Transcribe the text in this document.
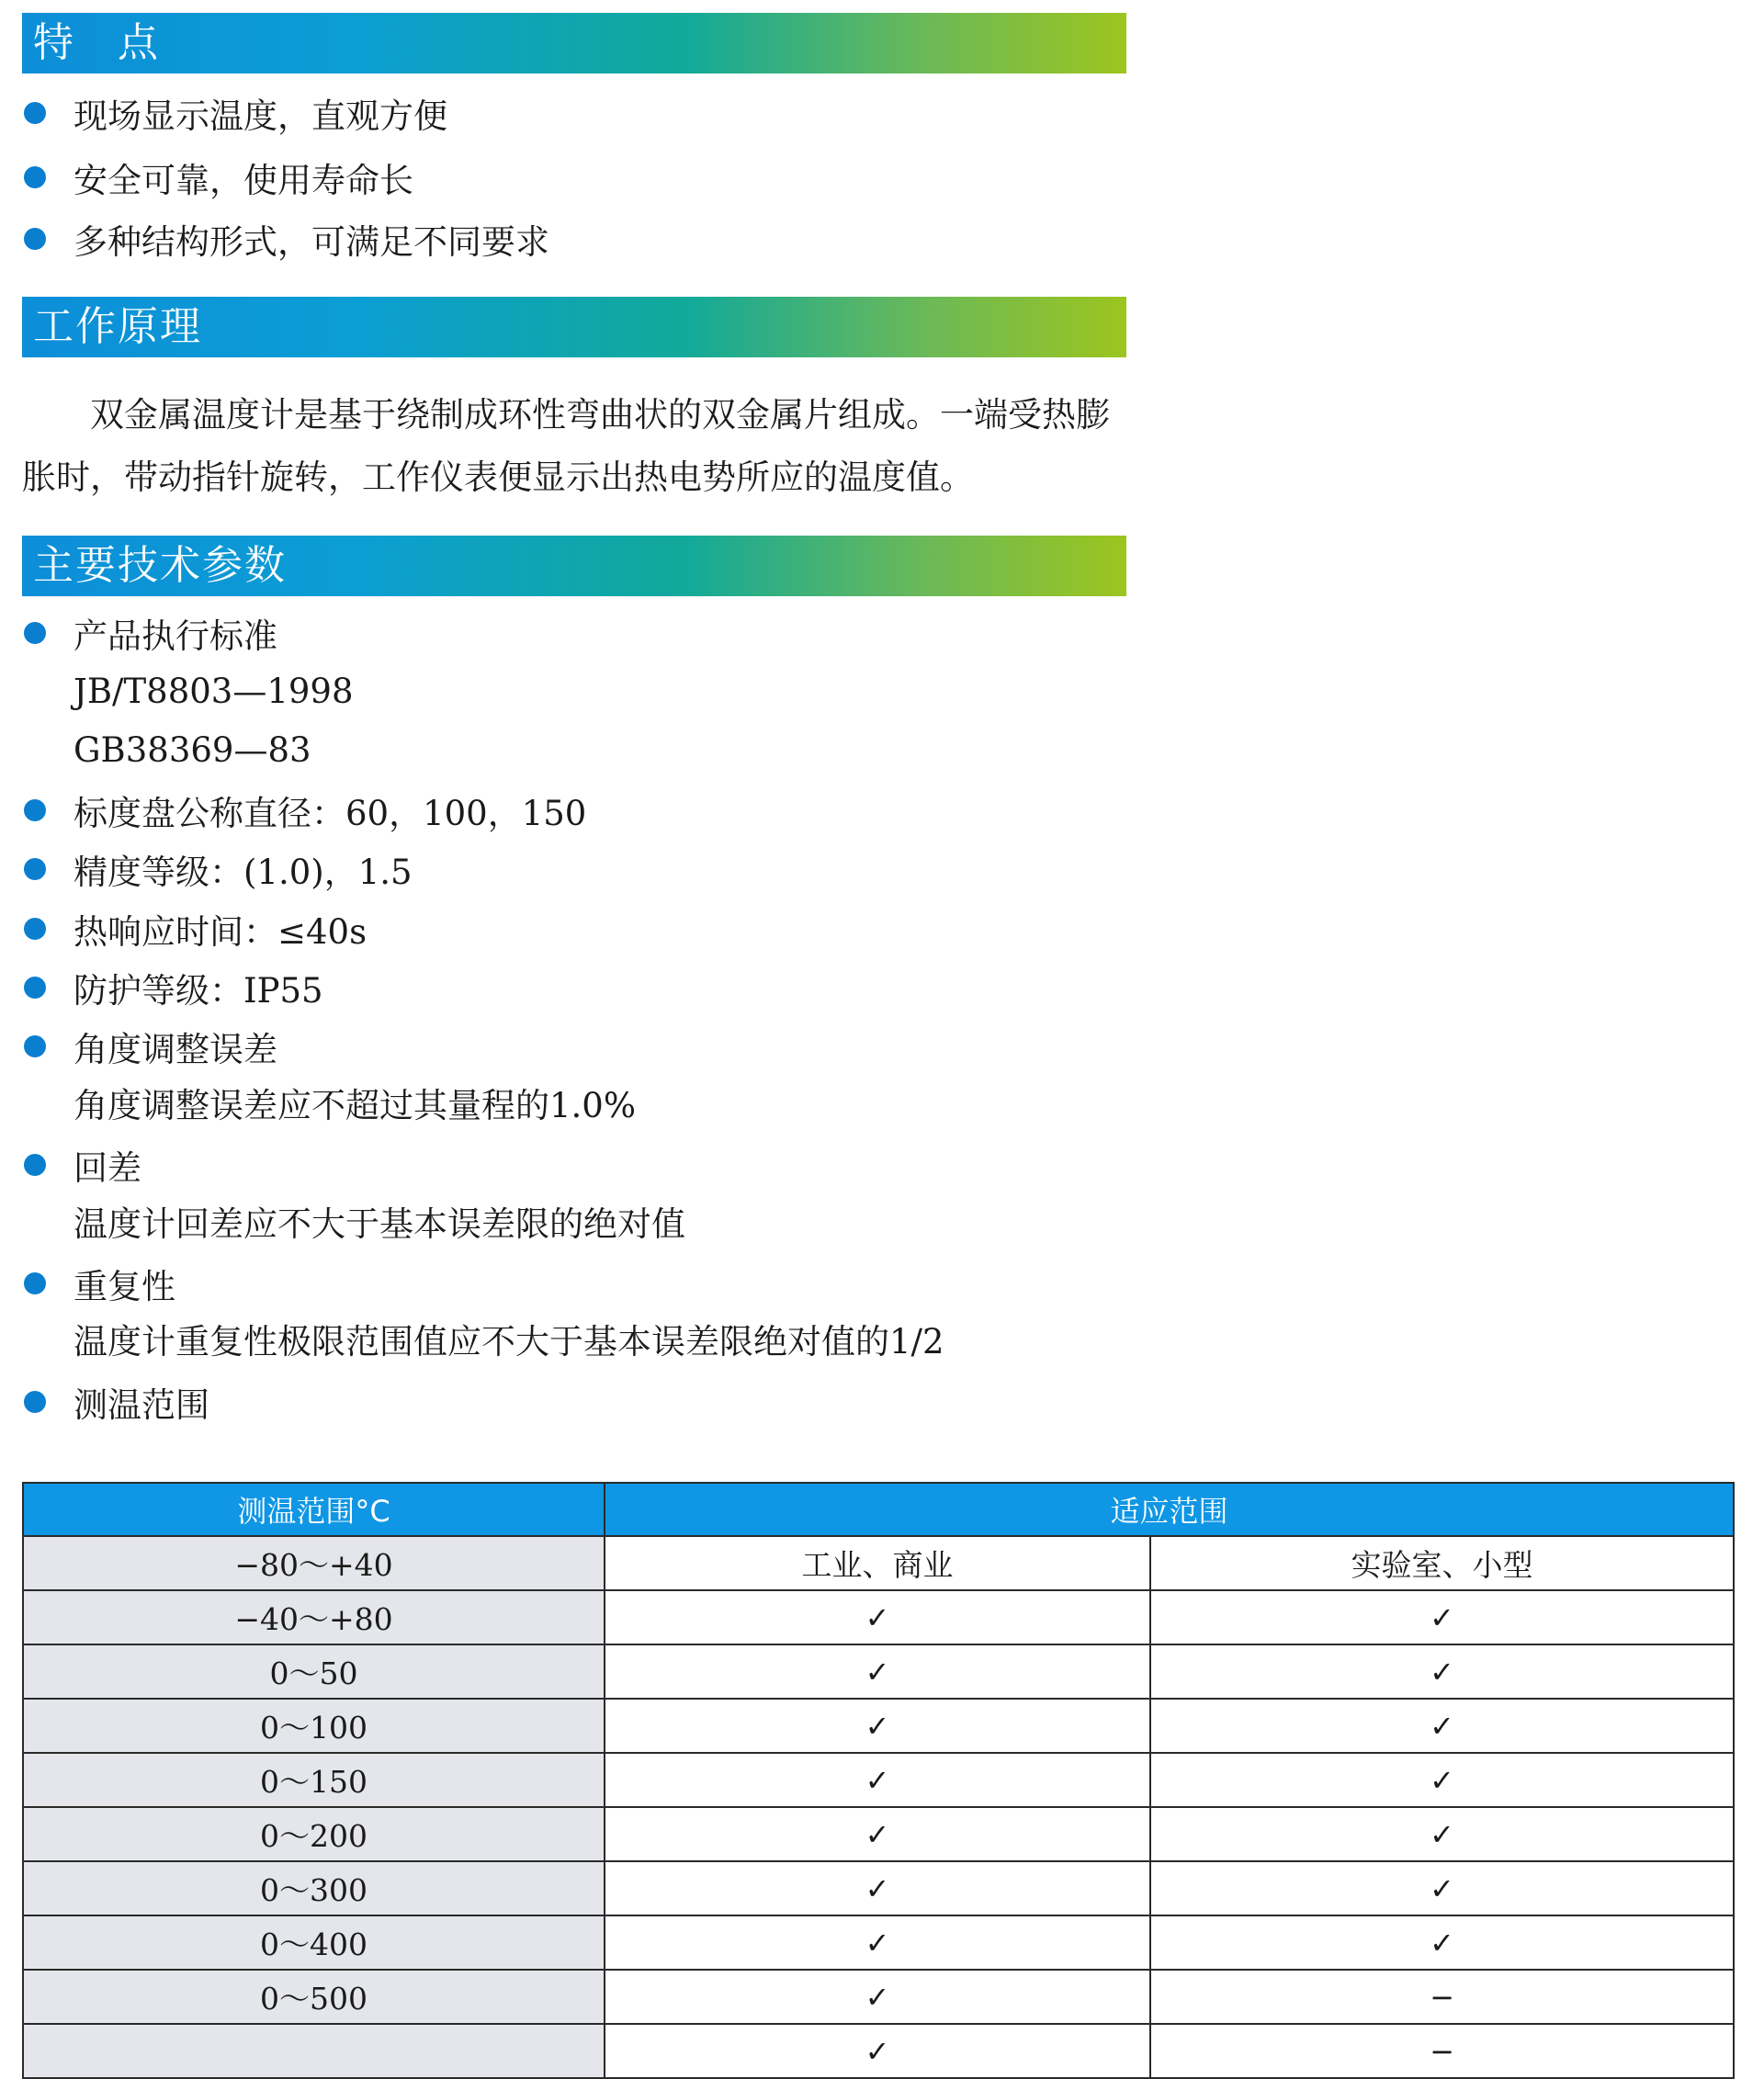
特　点
现场显示温度，直观方便
安全可靠，使用寿命长
多种结构形式，可满足不同要求
工作原理
双金属温度计是基于绕制成环性弯曲状的双金属片组成。一端受热膨胀时，带动指针旋转，工作仪表便显示出热电势所应的温度值。
主要技术参数
产品执行标准
JB/T8803—1998
GB38369—83
标度盘公称直径：60，100，150
精度等级：(1.0)，1.5
热响应时间：≤40s
防护等级：IP55
角度调整误差
角度调整误差应不超过其量程的1.0%
回差
温度计回差应不大于基本误差限的绝对值
重复性
温度计重复性极限范围值应不大于基本误差限绝对值的1/2
测温范围
测温范围°C	适应范围	
−80～+40	工业、商业	实验室、小型
−40～+80	✓	✓
0～50	✓	✓
0～100	✓	✓
0～150	✓	✓
0～200	✓	✓
0～300	✓	✓
0～400	✓	✓
0～500	✓	−
	✓	−
